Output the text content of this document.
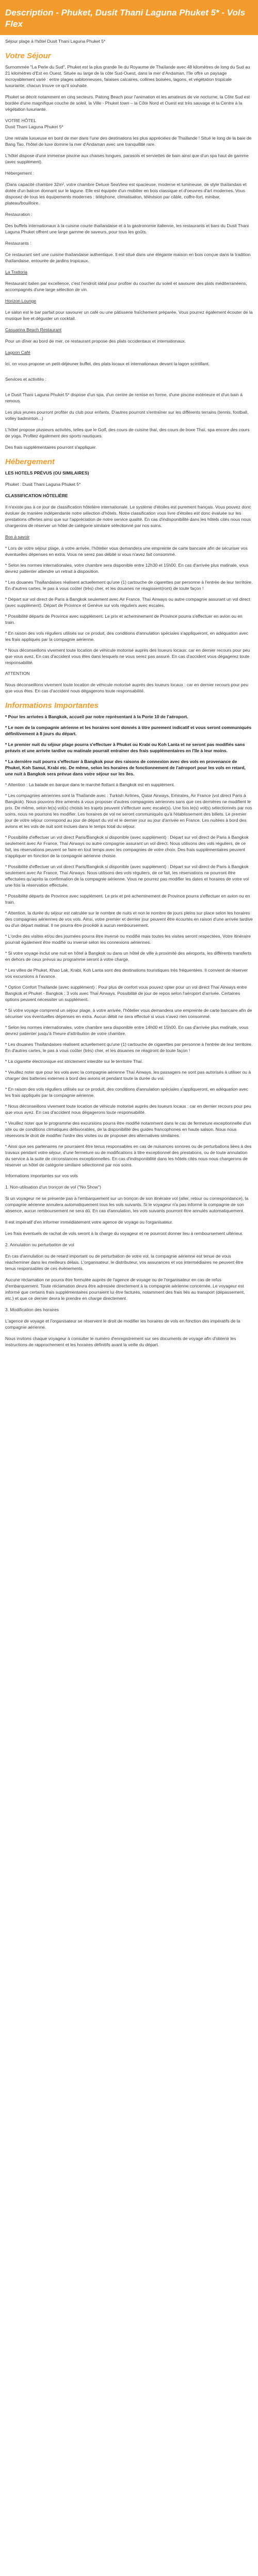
Description - Phuket, Dusit Thani Laguna Phuket 5* - Vols Flex

Séjour plage à l'hôtel Dusit Thani Laguna Phuket 5*

Votre Séjour

Surnommée "La Perle du Sud", Phuket est la plus grande île du Royaume de Thaïlande avec 48 kilomètres de long du Sud au 21 kilomètres d'Est en Ouest. Située au large de la côte Sud-Ouest, dans la mer d'Andaman, l'île offre un paysage incroyablement varié : entre plages sablonneuses, falaises calcaires, collines boisées, lagons, et végétation tropicale luxuriante, chacun trouve ce qu'il souhaite.

Phuket se décrit notamment en cinq secteurs. Patong Beach pour l'animation et les amateurs de vie nocturne, la Côte Sud est bordée d'une magnifique couche de soleil, la Ville - Phuket town – la Côte Nord et Ouest est très sauvage et la Centre à la végétation luxuriante.

VOTRE HÔTEL
Dusit Thani Laguna Phuket 5*

Une retraite luxueuse en bord de mer dans l'une des destinations les plus appréciées de Thaïlande ! Situé le long de la baie de Bang Tao, l'hôtel de luxe domine la mer d'Andaman avec une tranquillité rare.

L'hôtel dispose d'une immense piscine aux chaises longues, parasols et serviettes de bain ainsi que d'un spa haut de gamme (avec supplément).

Hébergement :

(Dans capacité chambre 32m², votre chambre Deluxe SeaView est spacieuse, moderne et lumineuse, de style thaïlandais et dotée d'un balcon donnant sur le lagune. Elle est équipée d'un mobilier en bois classique et d'oeuvres d'art modernes. Vous disposez de tous les équipements modernes : téléphone, climatisation, télévision par câble, coffre-fort, minibar, plateau/bouilloire.

Restauration :

Des buffets internationaux à la cuisine courte thaïlandaise et à la gastronomie italienne, les restaurants et bars du Dusit Thani Laguna Phuket offrent une large gamme de saveurs, pour tous les goûts.

Restaurants :

Ce restaurant sert une cuisine thaïlandaise authentique. Il est situé dans une élégante maison en bois conçue dans la tradition thaïlandaise, entourée de jardins tropicaux.

La Trattoria

Restaurant italien par excellence, c'est l'endroit idéal pour profiter du coucher du soleil et savourer des plats méditerranéens, accompagnés d'une large sélection de vin.

Horizon Lounge

Le salon est le bar parfait pour savourer un café ou une pâtisserie fraîchement préparée. Vous pourrez également écouter de la musique live et déguster un cocktail.

Casuarina Beach Restaurant

Pour un dîner au bord de mer, ce restaurant propose des plats occidentaux et internationaux.

Lagoon Café

Ici, on vous propose un petit-déjeuner buffet, des plats locaux et internationaux devant la lagon scintillant.

Services et activités :

Le Dusit Thani Laguna Phuket 5* dispose d'un spa, d'un centre de remise en forme, d'une piscine extérieure et d'un bain à remous.

Les plus jeunes pourront profiter du club pour enfants. D'autres pourront s'entraîner sur les différents terrains (tennis, football, volley badminton...)

L'hôtel propose plusieurs activités, telles que le Golf, des cours de cuisine thaï, des cours de boxe Thaï, spa encore des cours de yoga. Profitez également des sports nautiques.

Des frais supplémentaires pourront s'appliquer.

Hébergement

LES HOTELS PRÉVUS (OU SIMILAIRES)

Phuket : Dusit Thani Laguna Phuket 5*

CLASSIFICATION HÔTELIÈRE

Il n'existe pas à ce jour de classification hôtelière internationale. Le système d'étoiles est purement français. Vous pouvez donc évoluer de manière indépendante notre sélection d'hôtels. Notre classification vous livre d'étoiles est donc évaluée sur les prestations offertes ainsi que sur l'appréciation de notre service qualité. En cas d'indisponibilité dans les hôtels cités nous nous chargerons de réserver un hôtel de catégorie similaire sélectionné par nos soins.

Bon à savoir

* Lors de votre séjour plage, à votre arrivée, l'hôtelier vous demandera une empreinte de carte bancaire afin de sécuriser vos éventuelles dépenses en extra. Vous ne serez pas débité si vous n'avez fait consommé.

* Selon les normes internationales, votre chambre sera disponible entre 12h30 et 15h00. En cas d'arrivée plus matinale, vous devrez patienter attendre un retrait à disposition.

* Les douanes Thaïlandaises réalisent actuellement qu'une (1) cartouche de cigarettes par personne à l'entrée de leur territoire. En d'autres cartes, le pas à vous coûter (très) cher, et les douanes ne réagissent(ront) de toute façon !

* Départ sur vol direct de Paris à Bangkok seulement avec Air France, Thaï Airways ou autre compagnie assurant un vol direct (avec supplément). Départ de Province et Genève sur vols réguliers avec escales.

* Possibilité départs de Province avec supplément. Le prix et acheminement de Province pourra s'effectuer en avion ou en train.

* En raison des vols réguliers utilisés sur ce produit, des conditions d'annulation spéciales s'appliqueront, en adéquation avec les frais appliqués par la compagnie aérienne.

* Nous déconseillons vivement toute location de véhicule motorisé auprès des loueurs locaux: car en dernier recours pour peu que vous avez, En cas d'accident vous êtes dans lesquels ne vous serez pas assuré. En cas d'accident vous dégagerez toute responsabilité.

ATTENTION

Nous déconseillons vivement toute location de véhicule motorisé auprès des loueurs locaux : car en dernier recours pour peu que vous êtes. En cas d'accident nous dégagerons toute responsabilité.

Informations Importantes

* Pour les arrivées à Bangkok, accueil par notre représentant à la Porte 10 de l'aéroport.

* Le nom de la compagnie aérienne et les horaires sont donnés à titre purement indicatif et vous seront communiqués définitivement à 8 jours du départ.

* Le premier nuit du séjour plage pourra s'effectuer à Phuket ou Krabi ou Koh Lanta et ne seront pas modifiés sans préavis et une arrivée tardive ou matinale pourrait entraîner des frais supplémentaires en l'île à leur moins.

* La dernière nuit pourra s'effectuer à Bangkok pour des raisons de connexion avec des vols en provenance de Phuket, Koh Samui, Krabi etc. De même, selon les horaires de fonctionnement de l'aéroport pour les vols en retard, une nuit à Bangkok sera prévue dans votre séjour sur les îles.

* Attention : La balade en barque dans le marché flottant à Bangkok est en supplément.

* Les compagnies aériennes sont la Thaïlande avec : Turkish Airlines, Qatar Airways, Emirates, Air France (vol direct Paris à Bangkok). Nous pouvons être amenés à vous proposer d'autres compagnies aériennes sans que ces dernières ne modifient le prix. De même, selon le(s) vol(s) choisis les trajets peuvent s'effectuer avec escale(s). Une fois le(s) vol(s) sélectionnés par nos soins, nous ne pourrons les modifier. Les horaires de vol ne seront communiqués qu'à l'établissement des billets. Le premier jour de votre séjour correspond au jour de départ du vol et le dernier jour au jour d'arrivée en France. Les nuitées à bord des avions et les vols de nuit sont inclues dans le temps total du séjour.

* Possibilité d'effectuer un vol direct Paris/Bangkok si disponible (avec supplément) : Départ sur vol direct de Paris à Bangkok seulement avec Air France, Thaï Airways ou autre compagnie assurant un vol direct. Nous utilisons des vols réguliers, de ce fait, les réservations peuvent se faire en tout temps avec les compagnies de votre choix. Des frais supplémentaires peuvent s'appliquer en fonction de la compagnie aérienne choisie.

* Possibilité d'effectuer un vol direct Paris/Bangkok si disponible (avec supplément) : Départ sur vol direct de Paris à Bangkok seulement avec Air France, Thaï Airways. Nous utilisons des vols réguliers, de ce fait, les réservations ne pourront être effectuées qu'après la confirmation de la compagnie aérienne. Vous ne pourrez pas modifier les dates et horaires de votre vol une fois la réservation effectuée.

* Possibilité départs de Province avec supplément. Le prix et pré acheminement de Province pourra s'effectuer en avion ou en train.

* Attention, la durée du séjour est calculée sur le nombre de nuits et non le nombre de jours pleins sur place selon les horaires des compagnies aériennes de vos vols. Ainsi, votre premier et dernier jour peuvent être écourtés en raison d'une arrivée tardive ou d'un départ matinal. Il ne pourra être procédé à aucun remboursement.

* L'ordre des visites et/ou des journées pourra être inversé ou modifié mais toutes les visites seront respectées. Votre itinéraire pourrait également être modifié ou inversé selon les connexions aériennes.

* Si votre voyage inclut une nuit en hôtel à Bangkok ou dans un hôtel de ville à proximité des aéroports, les différents transferts en dehors de ceux prévus au programme seront à votre charge.

* Les villes de Phuket, Khao Lak, Krabi, Koh Lanta sont des destinations touristiques très fréquentées. Il convient de réserver vos excursions à l'avance.

* Option Confort Thaïlande (avec supplément) : Pour plus de confort vous pouvez opter pour un vol direct Thaï Airways entre Bangkok et Phuket - Bangkok : 3 vols avec Thaï Airways. Possibilité de jour de repos selon l'aéroport d'arrivée. Certaines options peuvent nécessiter un supplément.

* Si votre voyage comprend un séjour plage, à votre arrivée, l'hôtelier vous demandera une empreinte de carte bancaire afin de sécuriser vos éventuelles dépenses en extra. Aucun débit ne sera effectué si vous n'avez rien consommé.

* Selon les normes internationales, votre chambre sera disponible entre 14h00 et 15h00. En cas d'arrivée plus matinale, vous devrez patienter jusqu'à l'heure d'attribution de votre chambre.

* Les douanes Thaïlandaises réalisent actuellement qu'une (1) cartouche de cigarettes par personne à l'entrée de leur territoire. En d'autres cartes, le pas à vous coûter (très) cher, et les douanes ne réagiront de toute façon !

* La cigarette électronique est strictement interdite sur le territoire Thaï.

* Veuillez noter que pour les vols avec la compagnie aérienne Thaï Airways, les passagers ne sont pas autorisés à utiliser ou à charger des batteries externes à bord des avions et pendant toute la durée du vol.

* En raison des vols réguliers utilisés sur ce produit, des conditions d'annulation spéciales s'appliqueront, en adéquation avec les frais appliqués par la compagnie aérienne.

* Nous déconseillons vivement toute location de véhicule motorisé auprès des loueurs locaux : car en dernier recours pour peu que vous ayez. En cas d'accident nous dégagerons toute responsabilité.

* Veuillez noter que le programme des excursions pourra être modifié notamment dans le cas de fermeture exceptionnelle d'un site ou de conditions climatiques défavorables, de la disponibilité des guides francophones en haute saison. Nous nous réservons le droit de modifier l'ordre des visites ou de proposer des alternatives similaires.

* Ainsi que ses partenaires ne pourraient être tenus responsables en cas de nuisances sonores ou de perturbations liées à des travaux pendant votre séjour, d'une fermeture ou de modifications à titre exceptionnel des prestations, ou de toute annulation du service à la suite de circonstances exceptionnelles. En cas d'indisponibilité dans les hôtels cités nous nous chargerons de réserver un hôtel de catégorie similaire sélectionné par nos soins.

Informations importantes sur vos vols

1. Non-utilisation d'un tronçon de vol ("No Show")

Si un voyageur ne se présente pas à l'embarquement sur un tronçon de son itinéraire vol (aller, retour ou correspondance), la compagnie aérienne annulera automatiquement tous les vols suivants. Si le voyageur n'a pas informé la compagnie de son absence, aucun remboursement ne sera dû. En cas d'annulation, les vols suivants pourront être annulés automatiquement.

Il est impératif d'en informer immédiatement votre agence de voyage ou l'organisateur.

Les frais éventuels de rachat de vols seront à la charge du voyageur et ne pourront donner lieu à remboursement ultérieur.

2. Annulation ou perturbation de vol

En cas d'annulation ou de retard important ou de perturbation de votre vol, la compagnie aérienne est tenue de vous réacheminer dans les meilleurs délais. L'organisateur, le distributeur, vos assurances et vos intermédiaires ne peuvent être tenus responsables de ces événements.

Aucune réclamation ne pourra être formulée auprès de l'agence de voyage ou de l'organisateur en cas de refus d'embarquement. Toute réclamation devra être adressée directement à la compagnie aérienne concernée. Le voyageur est informé que certains frais supplémentaires pourraient lui être facturés, notamment des frais liés au transport (dépassement, etc.) et que ce dernier devra le prendre en charge directement.

3. Modification des horaires

L'agence de voyage et l'organisateur se réservent le droit de modifier les horaires de vols en fonction des impératifs de la compagnie aérienne.

Nous invitons chaque voyageur à consulter le numéro d'enregistrement sur ses documents de voyage afin d'obtenir les instructions de rapprochement et les horaires définitifs avant la veille du départ.
